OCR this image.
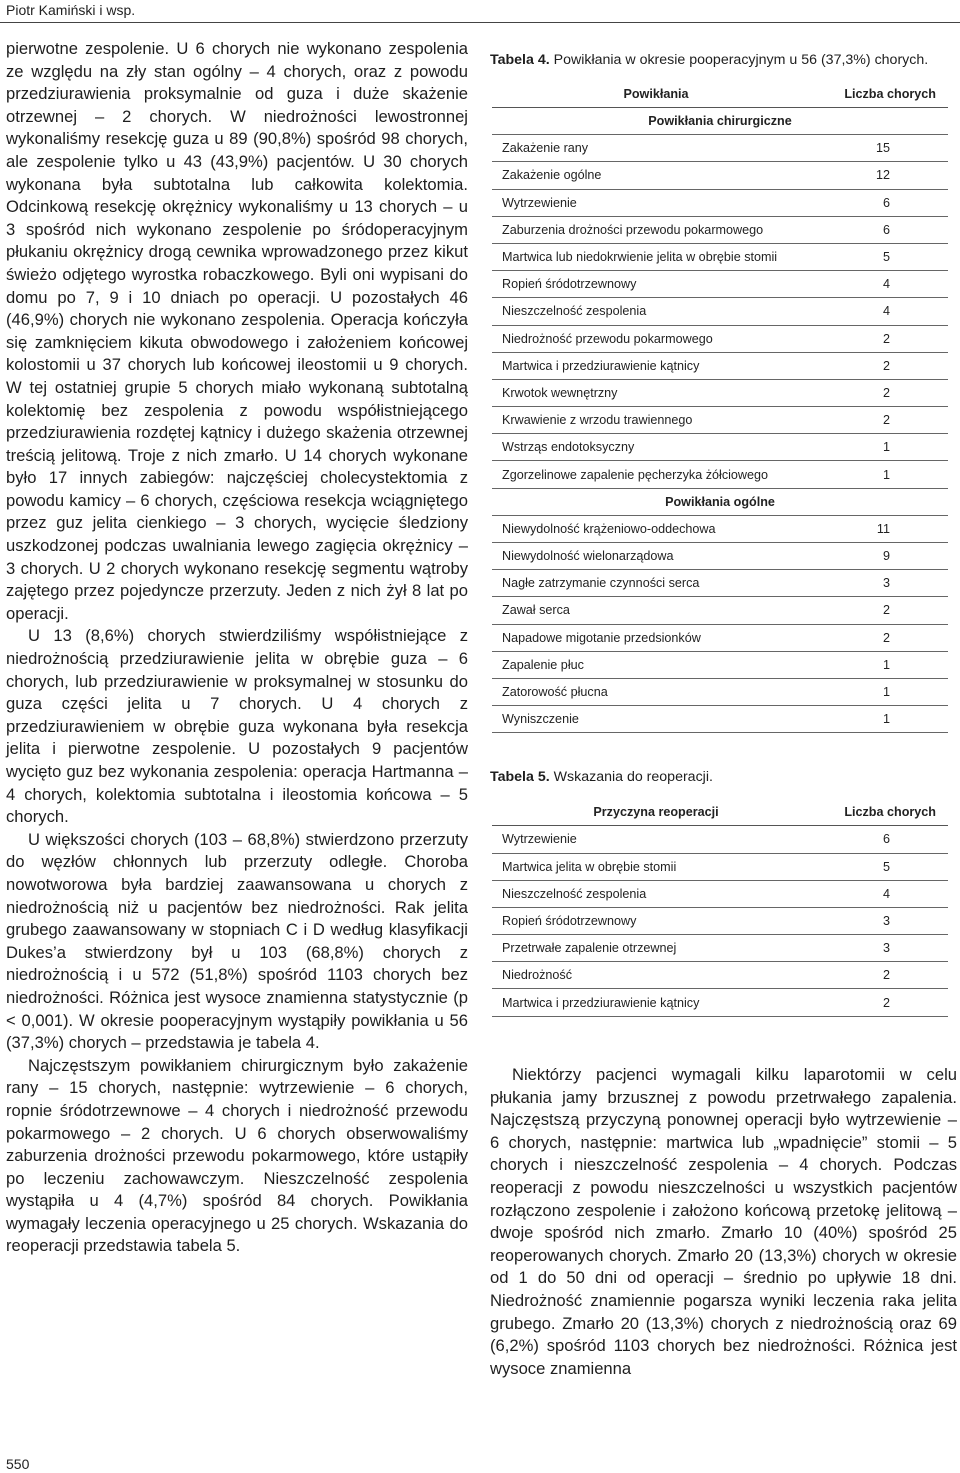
Piotr Kamiński i wsp.

pierwotne zespolenie. U 6 chorych nie wykonano zespolenia ze względu na zły stan ogólny – 4 chorych, oraz z powodu przedziurawienia proksymalnie od guza i duże skażenie otrzewnej – 2 chorych. W niedrożności lewostronnej wykonaliśmy resekcję guza u 89 (90,8%) spośród 98 chorych, ale zespolenie tylko u 43 (43,9%) pacjentów. U 30 chorych wykonana była subtotalna lub całkowita kolektomia. Odcinkową resekcję okrężnicy wykonaliśmy u 13 chorych – u 3 spośród nich wykonano zespolenie po śródoperacyjnym płukaniu okrężnicy drogą cewnika wprowadzonego przez kikut świeżo odjętego wyrostka robaczkowego. Byli oni wypisani do domu po 7, 9 i 10 dniach po operacji. U pozostałych 46 (46,9%) chorych nie wykonano zespolenia. Operacja kończyła się zamknięciem kikuta obwodowego i założeniem końcowej kolostomii u 37 chorych lub końcowej ileostomii u 9 chorych. W tej ostatniej grupie 5 chorych miało wykonaną subtotalną kolektomię bez zespolenia z powodu współistniejącego przedziurawienia rozdętej kątnicy i dużego skażenia otrzewnej treścią jelitową. Troje z nich zmarło. U 14 chorych wykonane było 17 innych zabiegów: najczęściej cholecystektomia z powodu kamicy – 6 chorych, częściowa resekcja wciągniętego przez guz jelita cienkiego – 3 chorych, wycięcie śledziony uszkodzonej podczas uwalniania lewego zagięcia okrężnicy – 3 chorych. U 2 chorych wykonano resekcję segmentu wątroby zajętego przez pojedyncze przerzuty. Jeden z nich żył 8 lat po operacji.

U 13 (8,6%) chorych stwierdziliśmy współistniejące z niedrożnością przedziurawienie jelita w obrębie guza – 6 chorych, lub przedziurawienie w proksymalnej w stosunku do guza części jelita u 7 chorych. U 4 chorych z przedziurawieniem w obrębie guza wykonana była resekcja jelita i pierwotne zespolenie. U pozostałych 9 pacjentów wycięto guz bez wykonania zespolenia: operacja Hartmanna – 4 chorych, kolektomia subtotalna i ileostomia końcowa – 5 chorych.

U większości chorych (103 – 68,8%) stwierdzono przerzuty do węzłów chłonnych lub przerzuty odległe. Choroba nowotworowa była bardziej zaawansowana u chorych z niedrożnością niż u pacjentów bez niedrożności. Rak jelita grubego zaawansowany w stopniach C i D według klasyfikacji Dukes’a stwierdzony był u 103 (68,8%) chorych z niedrożnością i u 572 (51,8%) spośród 1103 chorych bez niedrożności. Różnica jest wysoce znamienna statystycznie (p < 0,001). W okresie pooperacyjnym wystąpiły powikłania u 56 (37,3%) chorych – przedstawia je tabela 4.

Najczęstszym powikłaniem chirurgicznym było zakażenie rany – 15 chorych, następnie: wytrzewienie – 6 chorych, ropnie śródotrzewnowe – 4 chorych i niedrożność przewodu pokarmowego – 2 chorych. U 6 chorych obserwowaliśmy zaburzenia drożności przewodu pokarmowego, które ustąpiły po leczeniu zachowawczym. Nieszczelność zespolenia wystąpiła u 4 (4,7%) spośród 84 chorych. Powikłania wymagały leczenia operacyjnego u 25 chorych. Wskazania do reoperacji przedstawia tabela 5.

Tabela 4. Powikłania w okresie pooperacyjnym u 56 (37,3%) chorych.
Powikłania	Liczba chorych
Powikłania chirurgiczne	
Zakażenie rany	15
Zakażenie ogólne	12
Wytrzewienie	6
Zaburzenia drożności przewodu pokarmowego	6
Martwica lub niedokrwienie jelita w obrębie stomii	5
Ropień śródotrzewnowy	4
Nieszczelność zespolenia	4
Niedrożność przewodu pokarmowego	2
Martwica i przedziurawienie kątnicy	2
Krwotok wewnętrzny	2
Krwawienie z wrzodu trawiennego	2
Wstrząs endotoksyczny	1
Zgorzelinowe zapalenie pęcherzyka żółciowego	1
Powikłania ogólne	
Niewydolność krążeniowo-oddechowa	11
Niewydolność wielonarządowa	9
Nagłe zatrzymanie czynności serca	3
Zawał serca	2
Napadowe migotanie przedsionków	2
Zapalenie płuc	1
Zatorowość płucna	1
Wyniszczenie	1
Tabela 5. Wskazania do reoperacji.
Przyczyna reoperacji	Liczba chorych
Wytrzewienie	6
Martwica jelita w obrębie stomii	5
Nieszczelność zespolenia	4
Ropień śródotrzewnowy	3
Przetrwałe zapalenie otrzewnej	3
Niedrożność	2
Martwica i przedziurawienie kątnicy	2

Niektórzy pacjenci wymagali kilku laparotomii w celu płukania jamy brzusznej z powodu przetrwałego zapalenia. Najczęstszą przyczyną ponownej operacji było wytrzewienie – 6 chorych, następnie: martwica lub „wpadnięcie” stomii – 5 chorych i nieszczelność zespolenia – 4 chorych. Podczas reoperacji z powodu nieszczelności u wszystkich pacjentów rozłączono zespolenie i założono końcową przetokę jelitową – dwoje spośród nich zmarło. Zmarło 10 (40%) spośród 25 reoperowanych chorych. Zmarło 20 (13,3%) chorych w okresie od 1 do 50 dni od operacji – średnio po upływie 18 dni. Niedrożność znamiennie pogarsza wyniki leczenia raka jelita grubego. Zmarło 20 (13,3%) chorych z niedrożnością oraz 69 (6,2%) spośród 1103 chorych bez niedrożności. Różnica jest wysoce znamienna

550
